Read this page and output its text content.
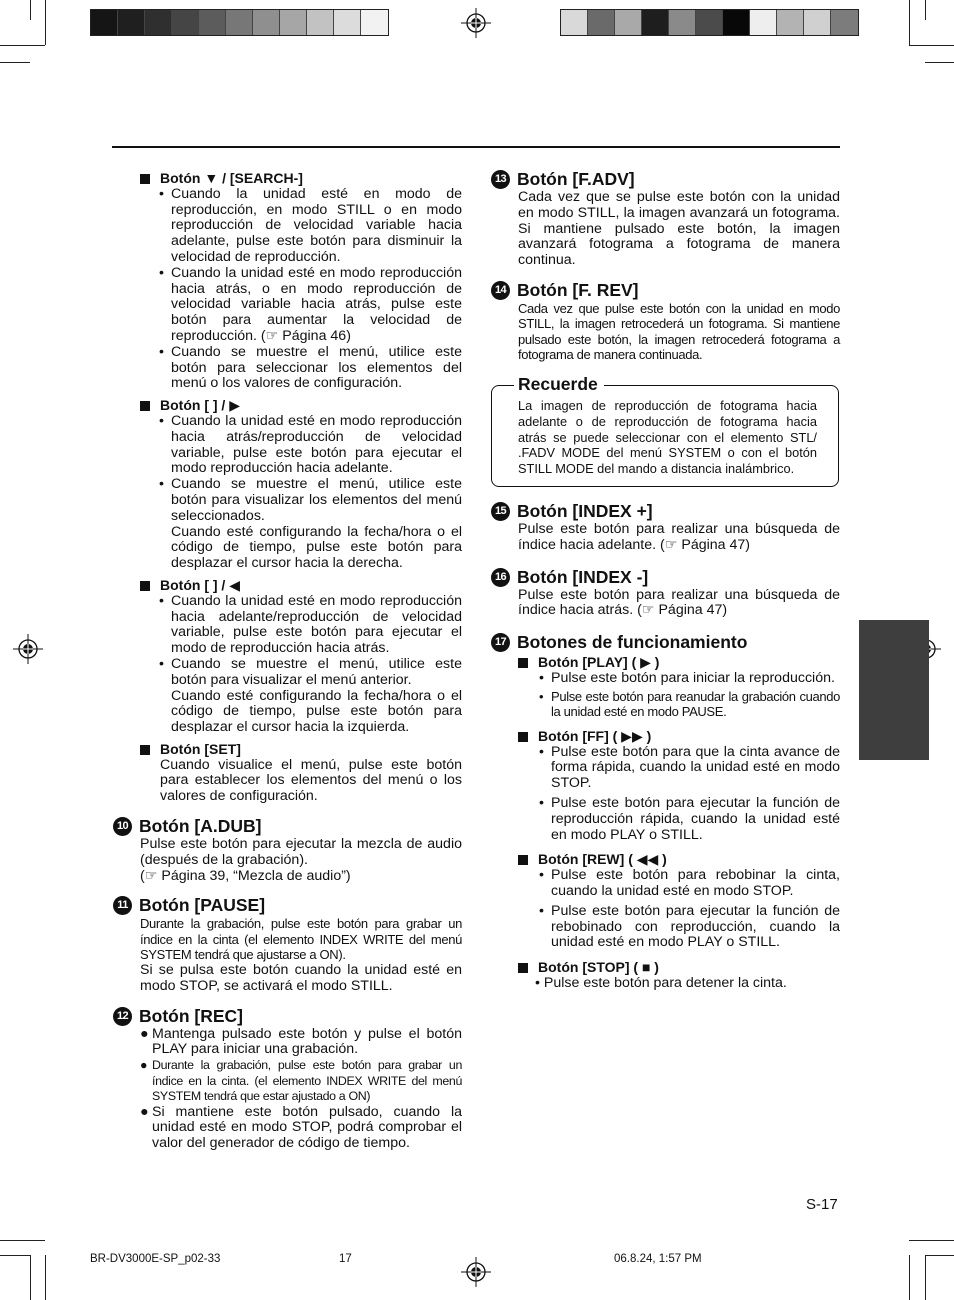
Botón ▼ / [SEARCH-]

• Cuando la unidad esté en modo de reproducción, en modo STILL o en modo reproducción de velocidad variable hacia adelante, pulse este botón para disminuir la velocidad de reproducción.

• Cuando la unidad esté en modo reproducción hacia atrás, o en modo reproducción de velocidad variable hacia atrás, pulse este botón para aumentar la velocidad de reproducción. (☞ Página 46)

• Cuando se muestre el menú, utilice este botón para seleccionar los elementos del menú o los valores de configuración.

Botón [ ] / ▶

• Cuando la unidad esté en modo reproducción hacia atrás/reproducción de velocidad variable, pulse este botón para ejecutar el modo reproducción hacia adelante.

• Cuando se muestre el menú, utilice este botón para visualizar los elementos del menú seleccionados.

Cuando esté configurando la fecha/hora o el código de tiempo, pulse este botón para desplazar el cursor hacia la derecha.

Botón [ ] / ◀

• Cuando la unidad esté en modo reproducción hacia adelante/reproducción de velocidad variable, pulse este botón para ejecutar el modo de reproducción hacia atrás.

• Cuando se muestre el menú, utilice este botón para visualizar el menú anterior.

Cuando esté configurando la fecha/hora o el código de tiempo, pulse este botón para desplazar el cursor hacia la izquierda.

Botón [SET]

Cuando visualice el menú, pulse este botón para establecer los elementos del menú o los valores de configuración.

10 Botón [A.DUB]

Pulse este botón para ejecutar la mezcla de audio (después de la grabación).

(☞ Página 39, “Mezcla de audio”)

11 Botón [PAUSE]

Durante la grabación, pulse este botón para grabar un índice en la cinta (el elemento INDEX WRITE del menú SYSTEM tendrá que ajustarse a ON).

Si se pulsa este botón cuando la unidad esté en modo STOP, se activará el modo STILL.

12 Botón [REC]

● Mantenga pulsado este botón y pulse el botón PLAY para iniciar una grabación.

● Durante la grabación, pulse este botón para grabar un índice en la cinta. (el elemento INDEX WRITE del menú SYSTEM tendrá que estar ajustado a ON)

● Si mantiene este botón pulsado, cuando la unidad esté en modo STOP, podrá comprobar el valor del generador de código de tiempo.

13 Botón [F.ADV]

Cada vez que se pulse este botón con la unidad en modo STILL, la imagen avanzará un fotograma. Si mantiene pulsado este botón, la imagen avanzará fotograma a fotograma de manera continua.

14 Botón [F. REV]

Cada vez que pulse este botón con la unidad en modo STILL, la imagen retrocederá un fotograma. Si mantiene pulsado este botón, la imagen retrocederá fotograma a fotograma de manera continuada.

Recuerde
La imagen de reproducción de fotograma hacia adelante o de reproducción de fotograma hacia atrás se puede seleccionar con el elemento STL/ .FADV MODE del menú SYSTEM o con el botón STILL MODE del mando a distancia inalámbrico.

15 Botón [INDEX +]

Pulse este botón para realizar una búsqueda de índice hacia adelante. (☞ Página 47)

16 Botón [INDEX -]

Pulse este botón para realizar una búsqueda de índice hacia atrás. (☞ Página 47)

17 Botones de funcionamiento

Botón [PLAY] ( ▶ )

• Pulse este botón para iniciar la reproducción.

• Pulse este botón para reanudar la grabación cuando la unidad esté en modo PAUSE.

Botón [FF] ( ▶▶ )

• Pulse este botón para que la cinta avance de forma rápida, cuando la unidad esté en modo STOP.

• Pulse este botón para ejecutar la función de reproducción rápida, cuando la unidad esté en modo PLAY o STILL.

Botón [REW] ( ◀◀ )

• Pulse este botón para rebobinar la cinta, cuando la unidad esté en modo STOP.

• Pulse este botón para ejecutar la función de rebobinado con reproducción, cuando la unidad esté en modo PLAY o STILL.

Botón [STOP] ( ■ )

• Pulse este botón para detener la cinta.

S-17
BR-DV3000E-SP_p02-33	17	06.8.24, 1:57 PM
